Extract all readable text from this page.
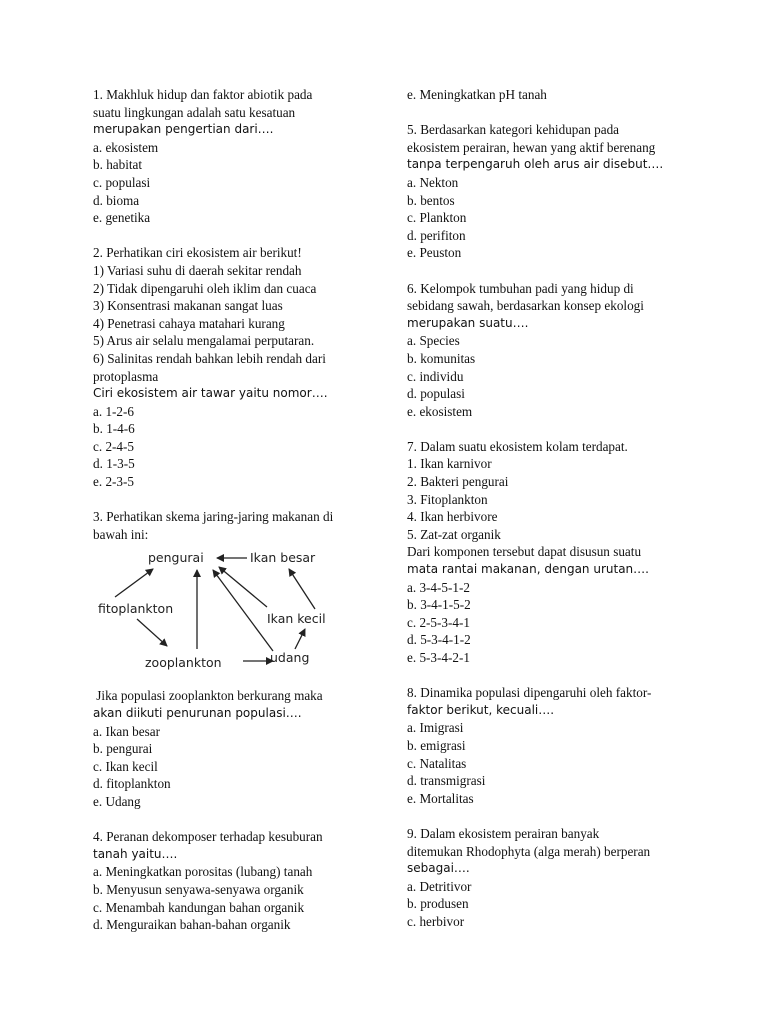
1. Makhluk hidup dan faktor abiotik pada
suatu lingkungan adalah satu kesatuan
merupakan pengertian dari….
a. ekosistem
b. habitat
c. populasi
d. bioma
e. genetika
2. Perhatikan ciri ekosistem air berikut!
1) Variasi suhu di daerah sekitar rendah
2) Tidak dipengaruhi oleh iklim dan cuaca
3) Konsentrasi makanan sangat luas
4) Penetrasi cahaya matahari kurang
5) Arus air selalu mengalamai perputaran.
6) Salinitas rendah bahkan lebih rendah dari
protoplasma
Ciri ekosistem air tawar yaitu nomor….
a. 1-2-6
b. 1-4-6
c. 2-4-5
d. 1-3-5
e. 2-3-5
3. Perhatikan skema jaring-jaring makanan di
bawah ini:
pengurai	Ikan besar
fitoplankton
Ikan kecil
zooplankton	udang
Jika populasi zooplankton berkurang maka
akan diikuti penurunan populasi….
a. Ikan besar
b. pengurai
c. Ikan kecil
d. fitoplankton
e. Udang
4. Peranan dekomposer terhadap kesuburan
tanah yaitu….
a. Meningkatkan porositas (lubang) tanah
b. Menyusun senyawa-senyawa organik
c. Menambah kandungan bahan organik
d. Menguraikan bahan-bahan organik
e. Meningkatkan pH tanah
5. Berdasarkan kategori kehidupan pada
ekosistem perairan, hewan yang aktif berenang
tanpa terpengaruh oleh arus air disebut….
a. Nekton
b. bentos
c. Plankton
d. perifiton
e. Peuston
6. Kelompok tumbuhan padi yang hidup di
sebidang sawah, berdasarkan konsep ekologi
merupakan suatu….
a. Species
b. komunitas
c. individu
d. populasi
e. ekosistem
7. Dalam suatu ekosistem kolam terdapat.
1. Ikan karnivor
2. Bakteri pengurai
3. Fitoplankton
4. Ikan herbivore
5. Zat-zat organik
Dari komponen tersebut dapat disusun suatu
mata rantai makanan, dengan urutan….
a. 3-4-5-1-2
b. 3-4-1-5-2
c. 2-5-3-4-1
d. 5-3-4-1-2
e. 5-3-4-2-1
8. Dinamika populasi dipengaruhi oleh faktor-
faktor berikut, kecuali….
a. Imigrasi
b. emigrasi
c. Natalitas
d. transmigrasi
e. Mortalitas
9. Dalam ekosistem perairan banyak
ditemukan Rhodophyta (alga merah) berperan
sebagai….
a. Detritivor
b. produsen
c. herbivor
